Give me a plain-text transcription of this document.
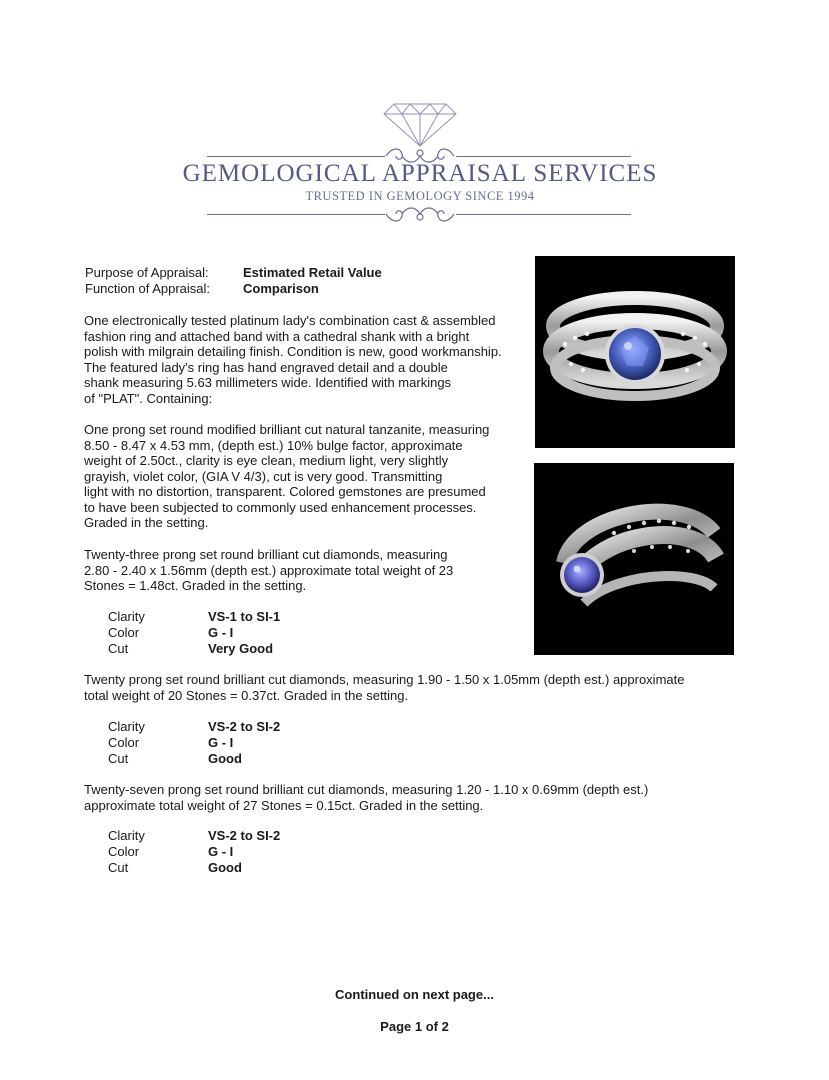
GEMOLOGICAL APPRAISAL SERVICES
TRUSTED IN GEMOLOGY SINCE 1994
Purpose of Appraisal:	Estimated Retail Value
Function of Appraisal:	Comparison
One electronically tested platinum lady's combination cast & assembled
fashion ring and attached band with a cathedral shank with a bright
polish with milgrain detailing finish. Condition is new, good workmanship.
The featured lady's ring has hand engraved detail and a double
shank measuring 5.63 millimeters wide. Identified with markings
of "PLAT". Containing:
One prong set round modified brilliant cut natural tanzanite, measuring
8.50 - 8.47 x 4.53 mm, (depth est.) 10% bulge factor, approximate
weight of 2.50ct., clarity is eye clean, medium light, very slightly
grayish, violet color, (GIA V 4/3), cut is very good. Transmitting
light with no distortion, transparent. Colored gemstones are presumed
to have been subjected to commonly used enhancement processes.
Graded in the setting.
Twenty-three prong set round brilliant cut diamonds, measuring
2.80 - 2.40 x 1.56mm (depth est.) approximate total weight of 23
Stones = 1.48ct. Graded in the setting.
Clarity	VS-1 to SI-1
Color	G - I
Cut	Very Good
Twenty prong set round brilliant cut diamonds, measuring 1.90 - 1.50 x 1.05mm (depth est.) approximate
total weight of 20 Stones = 0.37ct. Graded in the setting.
Clarity	VS-2 to SI-2
Color	G - I
Cut	Good
Twenty-seven prong set round brilliant cut diamonds, measuring 1.20 - 1.10 x 0.69mm (depth est.)
approximate total weight of 27 Stones = 0.15ct. Graded in the setting.
Clarity	VS-2 to SI-2
Color	G - I
Cut	Good
Continued on next page...
Page 1 of 2
